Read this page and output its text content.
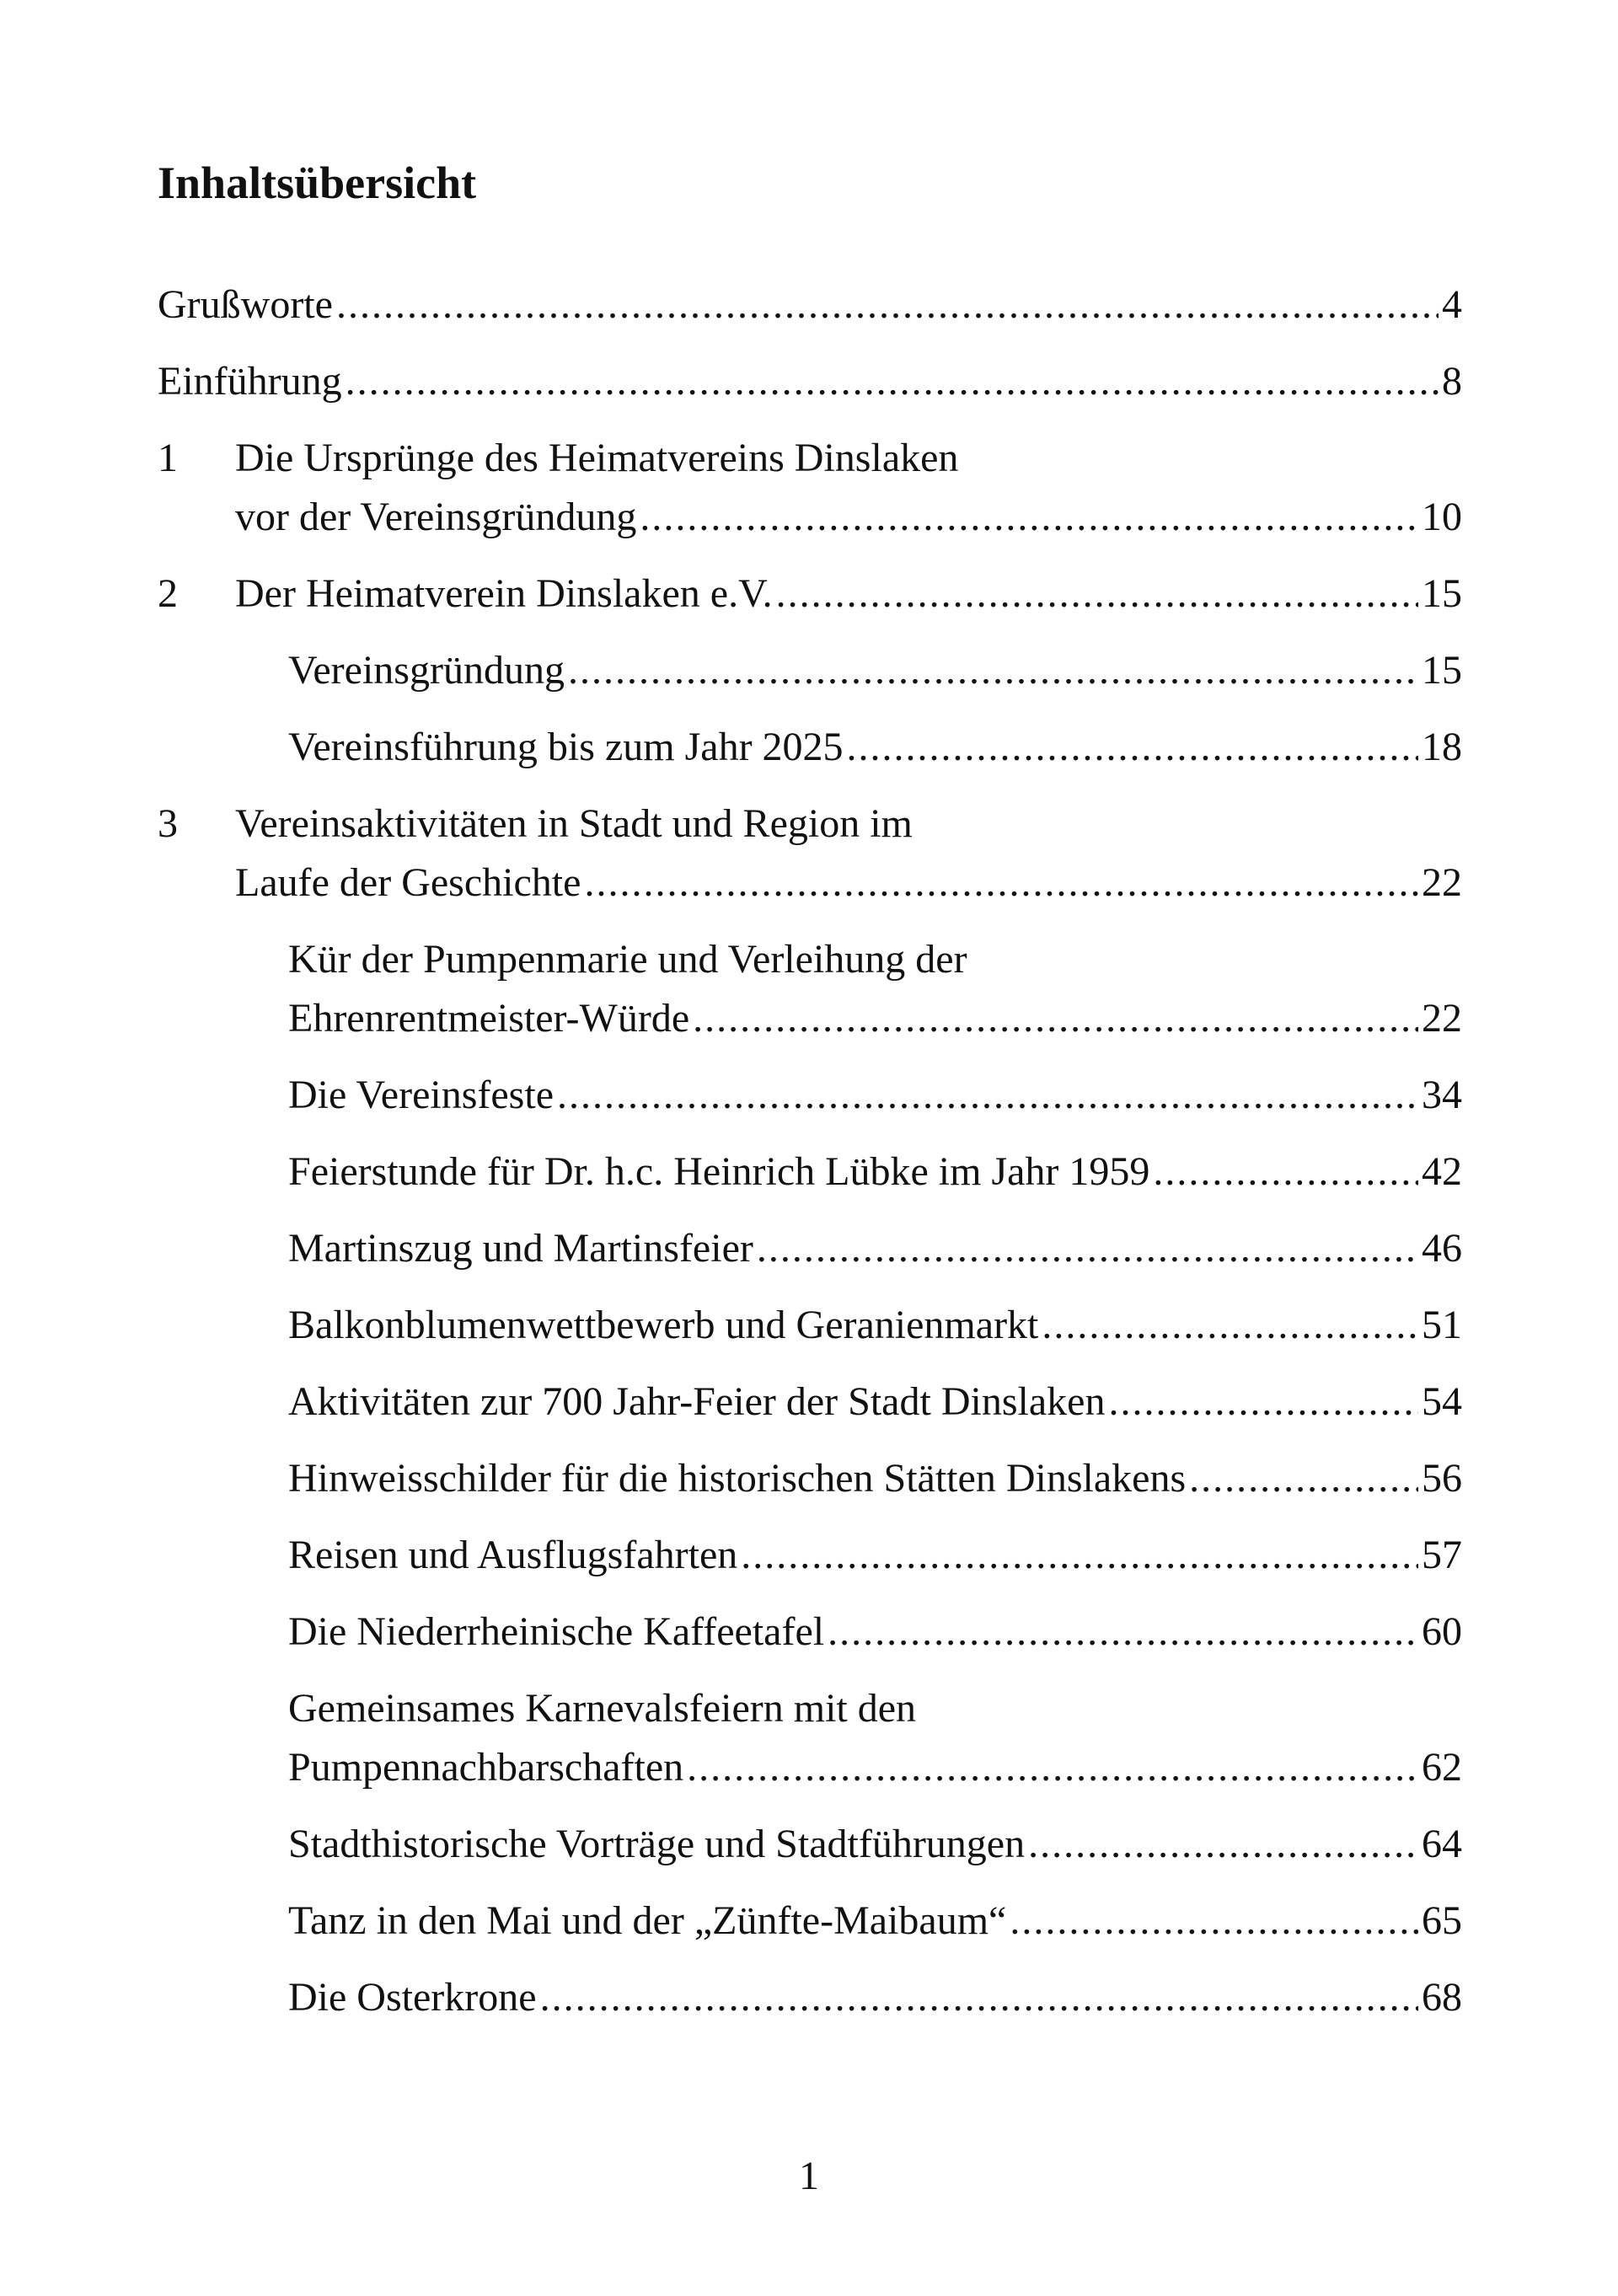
Inhaltsübersicht
Grußworte .....	4
Einführung .....	8
1 Die Ursprünge des Heimatvereins Dinslaken
vor der Vereinsgründung .....	10
2 Der Heimatverein Dinslaken e.V. .....	15
Vereinsgründung .....	15
Vereinsführung bis zum Jahr 2025 .....	18
3 Vereinsaktivitäten in Stadt und Region im
Laufe der Geschichte .....	22
Kür der Pumpenmarie und Verleihung der
Ehrenrentmeister-Würde .....	22
Die Vereinsfeste .....	34
Feierstunde für Dr. h.c. Heinrich Lübke im Jahr 1959 .....	42
Martinszug und Martinsfeier .....	46
Balkonblumenwettbewerb und Geranienmarkt .....	51
Aktivitäten zur 700 Jahr-Feier der Stadt Dinslaken .....	54
Hinweisschilder für die historischen Stätten Dinslakens .....	56
Reisen und Ausflugsfahrten .....	57
Die Niederrheinische Kaffeetafel .....	60
Gemeinsames Karnevalsfeiern mit den
Pumpennachbarschaften .....	62
Stadthistorische Vorträge und Stadtführungen .....	64
Tanz in den Mai und der „Zünfte-Maibaum“ .....	65
Die Osterkrone .....	68
1
